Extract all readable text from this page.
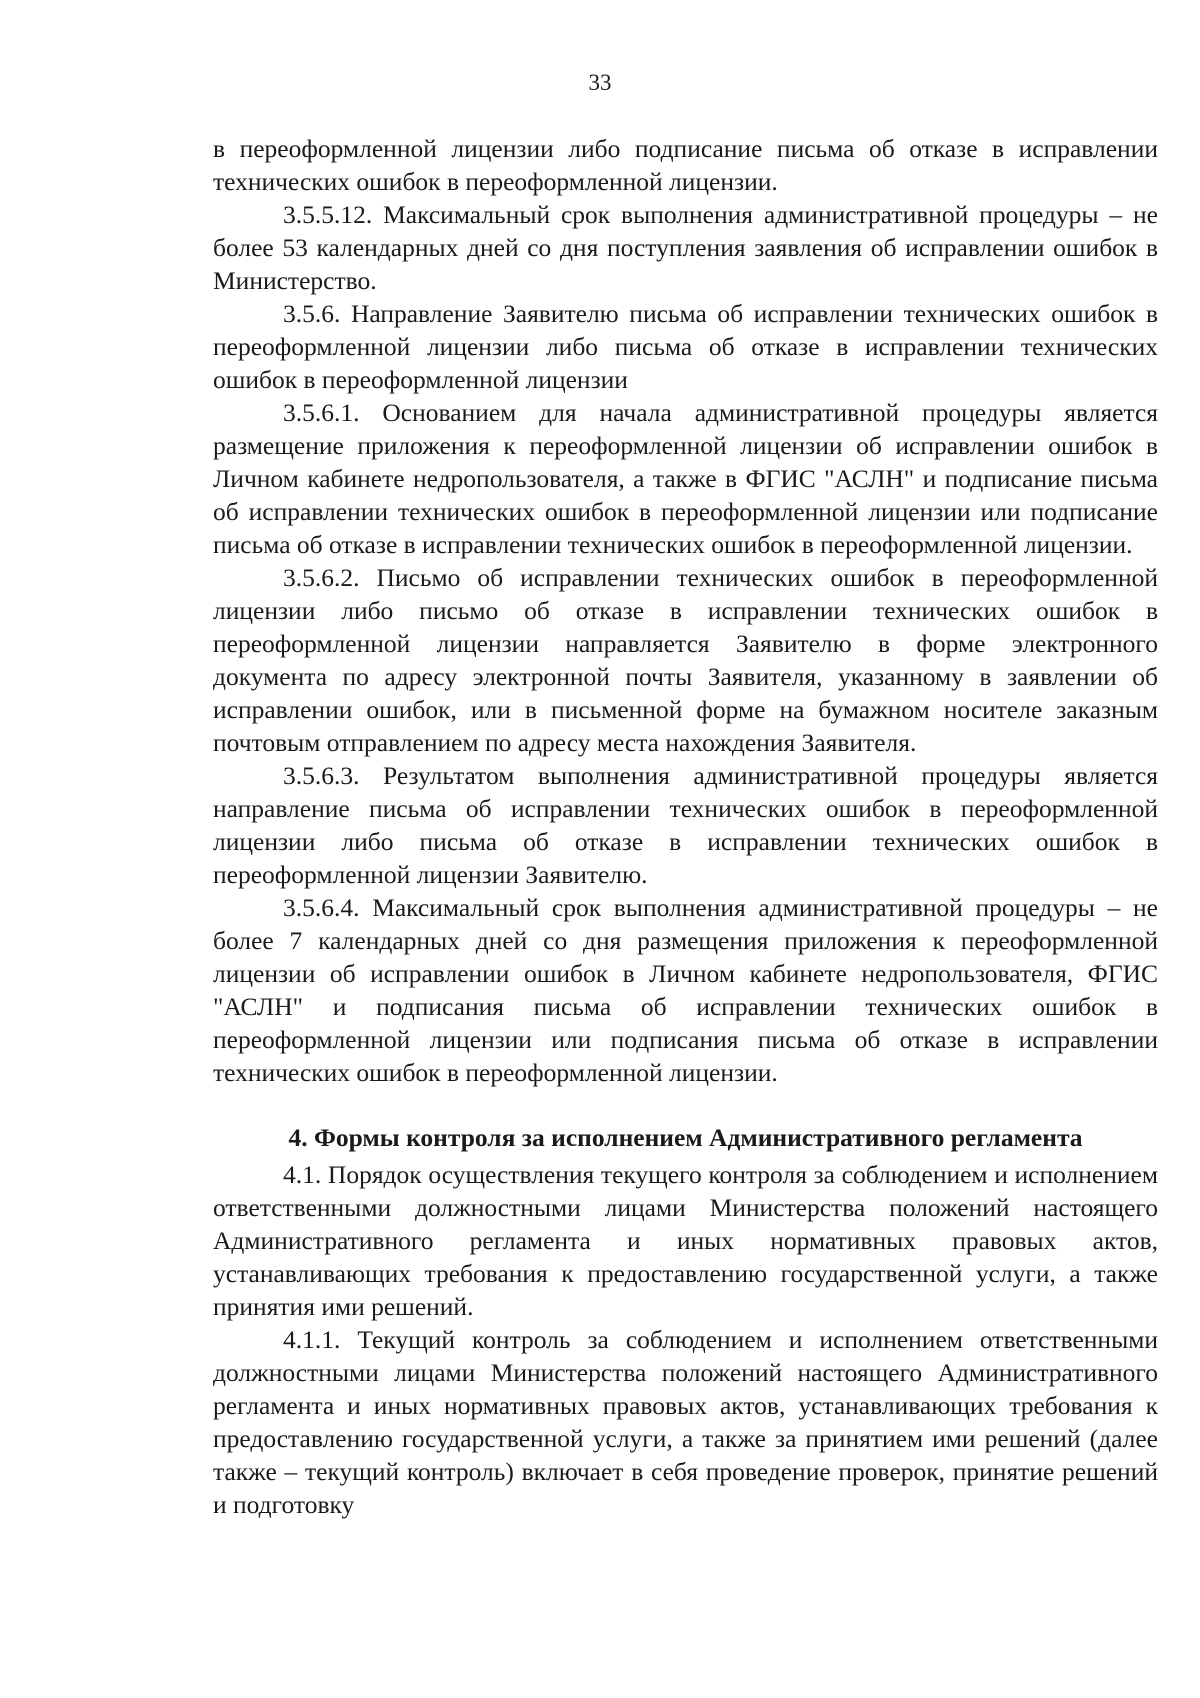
33

в переоформленной лицензии либо подписание письма об отказе в исправлении технических ошибок в переоформленной лицензии.

3.5.5.12. Максимальный срок выполнения административной процедуры – не более 53 календарных дней со дня поступления заявления об исправлении ошибок в Министерство.

3.5.6. Направление Заявителю письма об исправлении технических ошибок в переоформленной лицензии либо письма об отказе в исправлении технических ошибок в переоформленной лицензии

3.5.6.1. Основанием для начала административной процедуры является размещение приложения к переоформленной лицензии об исправлении ошибок в Личном кабинете недропользователя, а также в ФГИС "АСЛН" и подписание письма об исправлении технических ошибок в переоформленной лицензии или подписание письма об отказе в исправлении технических ошибок в переоформленной лицензии.

3.5.6.2. Письмо об исправлении технических ошибок в переоформленной лицензии либо письмо об отказе в исправлении технических ошибок в переоформленной лицензии направляется Заявителю в форме электронного документа по адресу электронной почты Заявителя, указанному в заявлении об исправлении ошибок, или в письменной форме на бумажном носителе заказным почтовым отправлением по адресу места нахождения Заявителя.

3.5.6.3. Результатом выполнения административной процедуры является направление письма об исправлении технических ошибок в переоформленной лицензии либо письма об отказе в исправлении технических ошибок в переоформленной лицензии Заявителю.

3.5.6.4. Максимальный срок выполнения административной процедуры – не более 7 календарных дней со дня размещения приложения к переоформленной лицензии об исправлении ошибок в Личном кабинете недропользователя, ФГИС "АСЛН" и подписания письма об исправлении технических ошибок в переоформленной лицензии или подписания письма об отказе в исправлении технических ошибок в переоформленной лицензии.

4. Формы контроля за исполнением Административного регламента

4.1. Порядок осуществления текущего контроля за соблюдением и исполнением ответственными должностными лицами Министерства положений настоящего Административного регламента и иных нормативных правовых актов, устанавливающих требования к предоставлению государственной услуги, а также принятия ими решений.

4.1.1. Текущий контроль за соблюдением и исполнением ответственными должностными лицами Министерства положений настоящего Административного регламента и иных нормативных правовых актов, устанавливающих требования к предоставлению государственной услуги, а также за принятием ими решений (далее также – текущий контроль) включает в себя проведение проверок, принятие решений и подготовку
